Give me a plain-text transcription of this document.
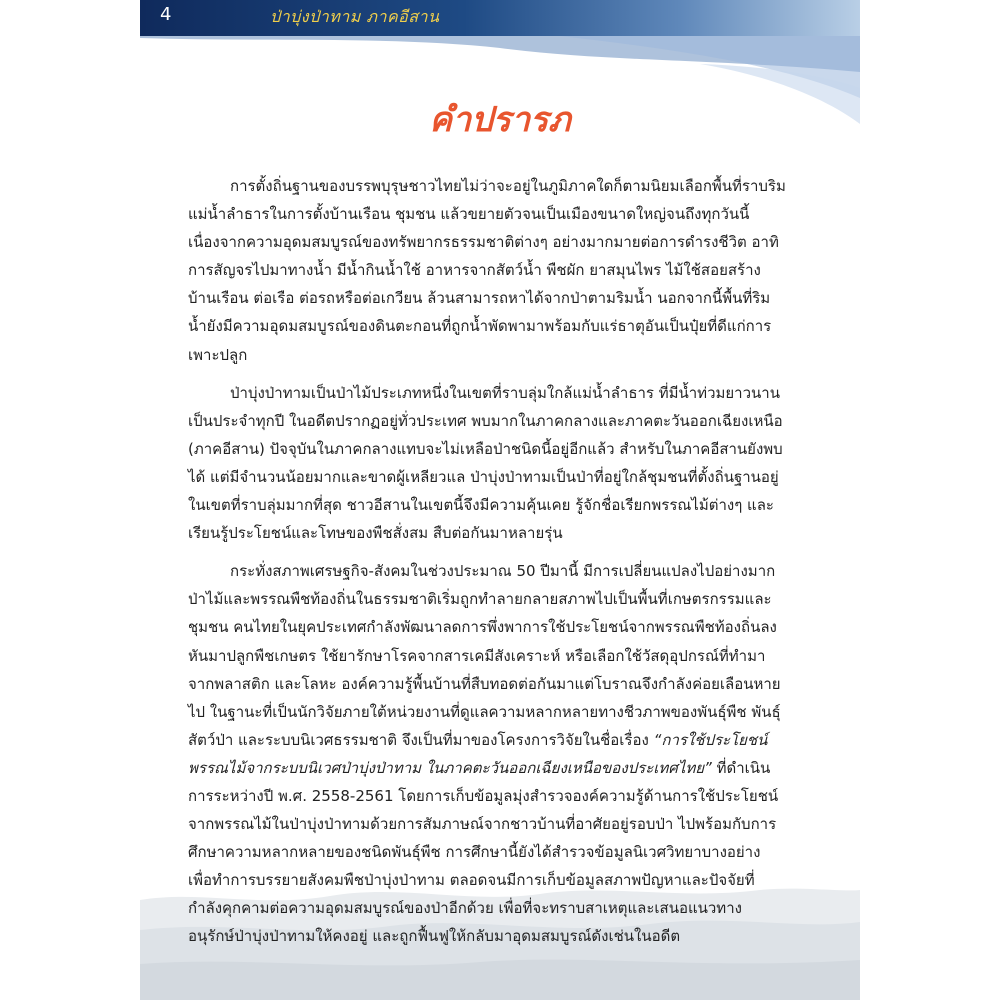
4	ป่าบุ่งป่าทาม ภาคอีสาน
คำปรารภ

การตั้งถิ่นฐานของบรรพบุรุษชาวไทยไม่ว่าจะอยู่ในภูมิภาคใดก็ตามนิยมเลือกพื้นที่ราบริมแม่น้ำลำธารในการตั้งบ้านเรือน ชุมชน แล้วขยายตัวจนเป็นเมืองขนาดใหญ่จนถึงทุกวันนี้ เนื่องจากความอุดมสมบูรณ์ของทรัพยากรธรรมชาติต่างๆ อย่างมากมายต่อการดำรงชีวิต อาทิ การสัญจรไปมาทางน้ำ มีน้ำกินน้ำใช้ อาหารจากสัตว์น้ำ พืชผัก ยาสมุนไพร ไม้ใช้สอยสร้างบ้านเรือน ต่อเรือ ต่อรถหรือต่อเกวียน ล้วนสามารถหาได้จากป่าตามริมน้ำ นอกจากนี้พื้นที่ริมน้ำยังมีความอุดมสมบูรณ์ของดินตะกอนที่ถูกน้ำพัดพามาพร้อมกับแร่ธาตุอันเป็นปุ๋ยที่ดีแก่การเพาะปลูก

ป่าบุ่งป่าทามเป็นป่าไม้ประเภทหนึ่งในเขตที่ราบลุ่มใกล้แม่น้ำลำธาร ที่มีน้ำท่วมยาวนานเป็นประจำทุกปี ในอดีตปรากฏอยู่ทั่วประเทศ พบมากในภาคกลางและภาคตะวันออกเฉียงเหนือ (ภาคอีสาน) ปัจจุบันในภาคกลางแทบจะไม่เหลือป่าชนิดนี้อยู่อีกแล้ว สำหรับในภาคอีสานยังพบได้ แต่มีจำนวนน้อยมากและขาดผู้เหลียวแล ป่าบุ่งป่าทามเป็นป่าที่อยู่ใกล้ชุมชนที่ตั้งถิ่นฐานอยู่ในเขตที่ราบลุ่มมากที่สุด ชาวอีสานในเขตนี้จึงมีความคุ้นเคย รู้จักชื่อเรียกพรรณไม้ต่างๆ และเรียนรู้ประโยชน์และโทษของพืชสั่งสม สืบต่อกันมาหลายรุ่น

กระทั่งสภาพเศรษฐกิจ-สังคมในช่วงประมาณ 50 ปีมานี้ มีการเปลี่ยนแปลงไปอย่างมาก ป่าไม้และพรรณพืชท้องถิ่นในธรรมชาติเริ่มถูกทำลายกลายสภาพไปเป็นพื้นที่เกษตรกรรมและชุมชน คนไทยในยุคประเทศกำลังพัฒนาลดการพึ่งพาการใช้ประโยชน์จากพรรณพืชท้องถิ่นลง หันมาปลูกพืชเกษตร ใช้ยารักษาโรคจากสารเคมีสังเคราะห์ หรือเลือกใช้วัสดุอุปกรณ์ที่ทำมาจากพลาสติก และโลหะ องค์ความรู้พื้นบ้านที่สืบทอดต่อกันมาแต่โบราณจึงกำลังค่อยเลือนหายไป ในฐานะที่เป็นนักวิจัยภายใต้หน่วยงานที่ดูแลความหลากหลายทางชีวภาพของพันธุ์พืช พันธุ์สัตว์ป่า และระบบนิเวศธรรมชาติ จึงเป็นที่มาของโครงการวิจัยในชื่อเรื่อง “การใช้ประโยชน์พรรณไม้จากระบบนิเวศป่าบุ่งป่าทาม ในภาคตะวันออกเฉียงเหนือของประเทศไทย” ที่ดำเนินการระหว่างปี พ.ศ. 2558-2561 โดยการเก็บข้อมูลมุ่งสำรวจองค์ความรู้ด้านการใช้ประโยชน์จากพรรณไม้ในป่าบุ่งป่าทามด้วยการสัมภาษณ์จากชาวบ้านที่อาศัยอยู่รอบป่า ไปพร้อมกับการศึกษาความหลากหลายของชนิดพันธุ์พืช การศึกษานี้ยังได้สำรวจข้อมูลนิเวศวิทยาบางอย่าง เพื่อทำการบรรยายสังคมพืชป่าบุ่งป่าทาม ตลอดจนมีการเก็บข้อมูลสภาพปัญหาและปัจจัยที่กำลังคุกคามต่อความอุดมสมบูรณ์ของป่าอีกด้วย เพื่อที่จะทราบสาเหตุและเสนอแนวทางอนุรักษ์ป่าบุ่งป่าทามให้คงอยู่ และถูกฟื้นฟูให้กลับมาอุดมสมบูรณ์ดังเช่นในอดีต
